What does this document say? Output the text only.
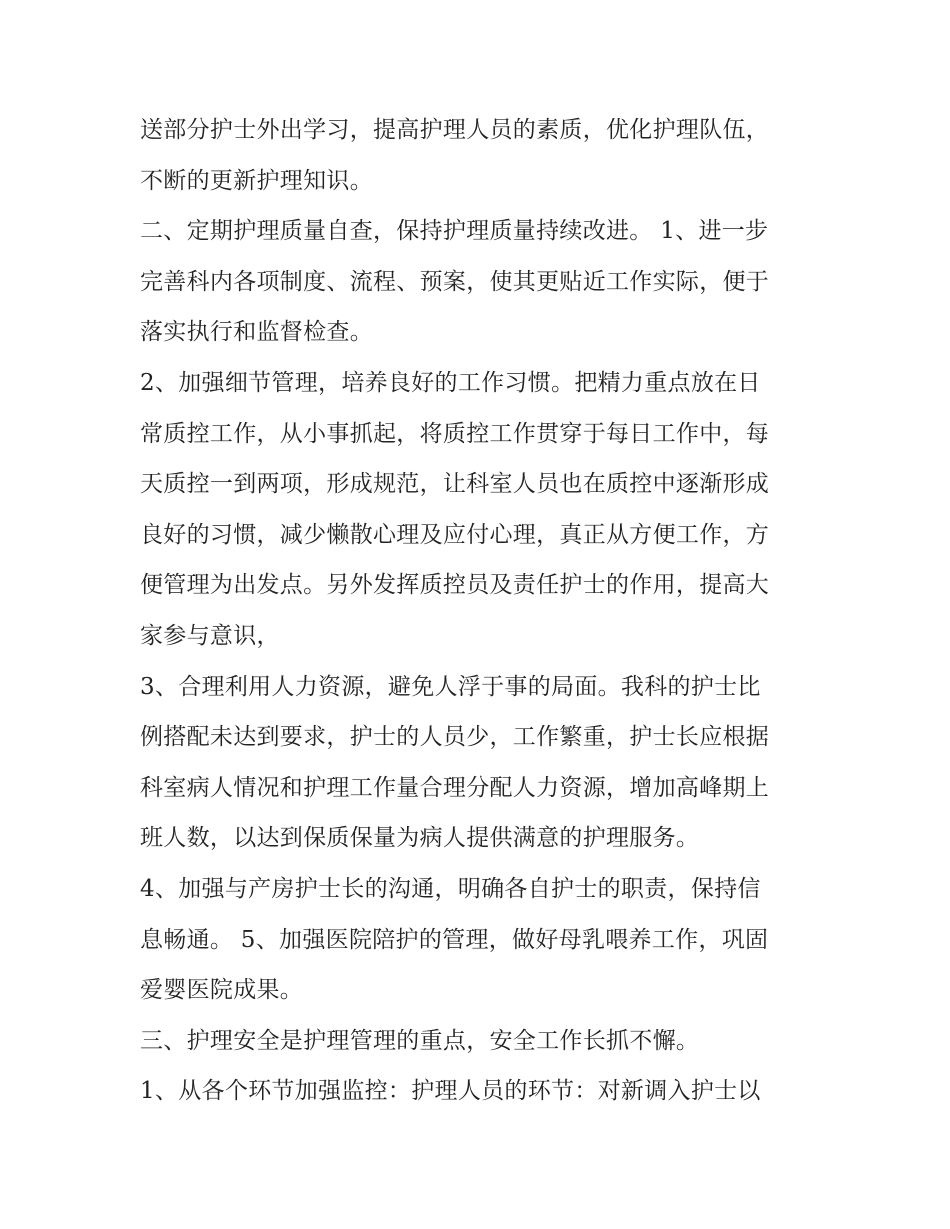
送部分护士外出学习，提高护理人员的素质，优化护理队伍，
不断的更新护理知识。
二、定期护理质量自查，保持护理质量持续改进。 1、进一步
完善科内各项制度、流程、预案，使其更贴近工作实际，便于
落实执行和监督检查。
2、加强细节管理，培养良好的工作习惯。把精力重点放在日
常质控工作，从小事抓起，将质控工作贯穿于每日工作中，每
天质控一到两项，形成规范，让科室人员也在质控中逐渐形成
良好的习惯，减少懒散心理及应付心理，真正从方便工作，方
便管理为出发点。另外发挥质控员及责任护士的作用，提高大
家参与意识，
3、合理利用人力资源，避免人浮于事的局面。我科的护士比
例搭配未达到要求，护士的人员少，工作繁重，护士长应根据
科室病人情况和护理工作量合理分配人力资源，增加高峰期上
班人数，以达到保质保量为病人提供满意的护理服务。
4、加强与产房护士长的沟通，明确各自护士的职责，保持信
息畅通。 5、加强医院陪护的管理，做好母乳喂养工作，巩固
爱婴医院成果。
三、护理安全是护理管理的重点，安全工作长抓不懈。
1、从各个环节加强监控：护理人员的环节：对新调入护士以
